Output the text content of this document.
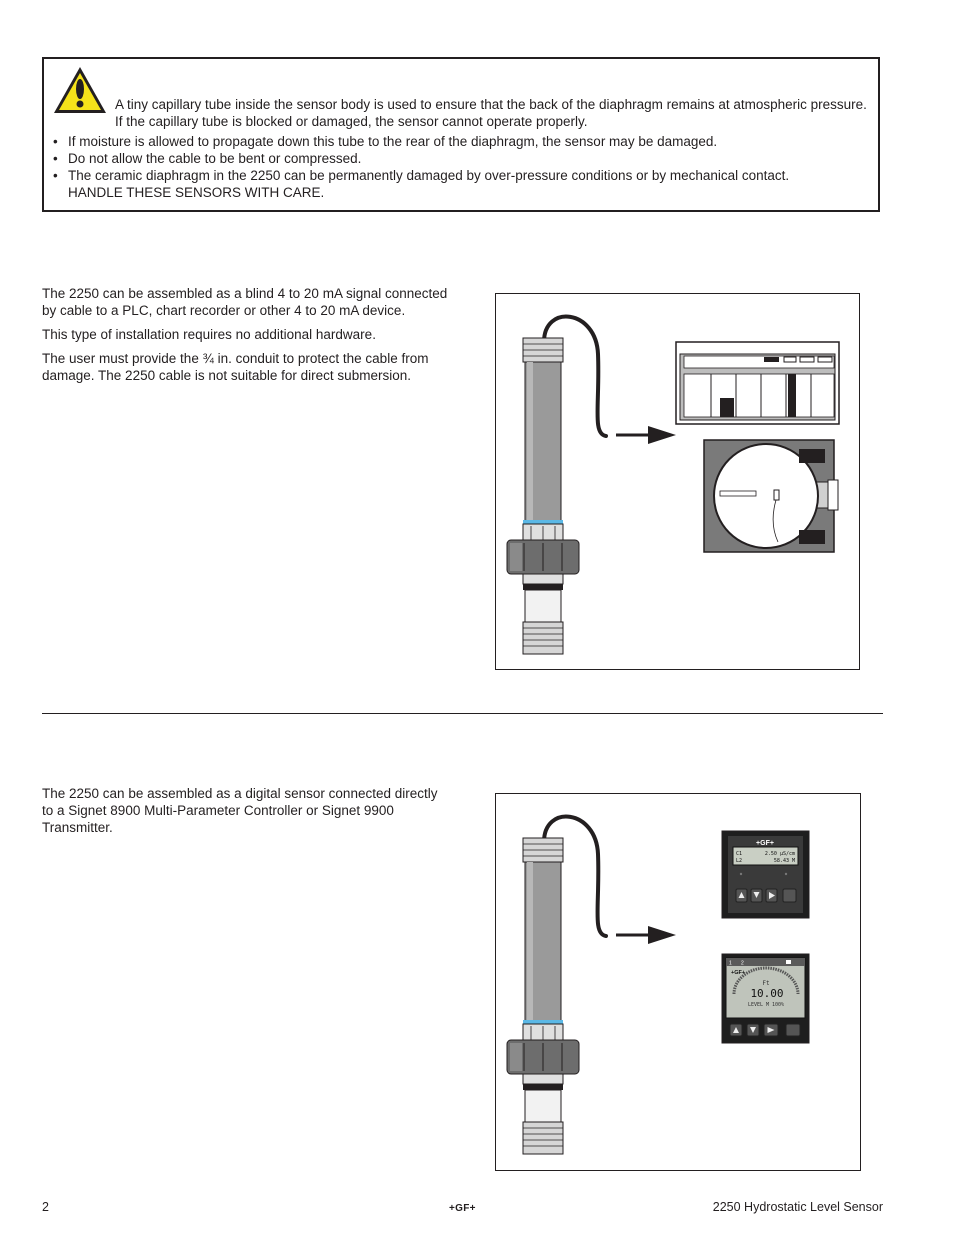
A tiny capillary tube inside the sensor body is used to ensure that the back of the diaphragm remains at atmospheric pressure.
If the capillary tube is blocked or damaged, the sensor cannot operate properly.

• If moisture is allowed to propagate down this tube to the rear of the diaphragm, the sensor may be damaged.
• Do not allow the cable to be bent or compressed.
• The ceramic diaphragm in the 2250 can be permanently damaged by over-pressure conditions or by mechanical contact.
HANDLE THESE SENSORS WITH CARE.

The 2250 can be assembled as a blind 4 to 20 mA signal connected by cable to a PLC, chart recorder or other 4 to 20 mA device.

This type of installation requires no additional hardware.

The user must provide the ¾ in. conduit to protect the cable from damage. The 2250 cable is not suitable for direct submersion.

The 2250 can be assembled as a digital sensor connected directly to a Signet 8900 Multi-Parameter Controller or Signet 9900 Transmitter.

+GF+
C1	2.50 µS/cm
L2	58.43 M
1 2
+GF+
Ft
10.00
LEVEL M 100%
2	+GF+	2250 Hydrostatic Level Sensor
